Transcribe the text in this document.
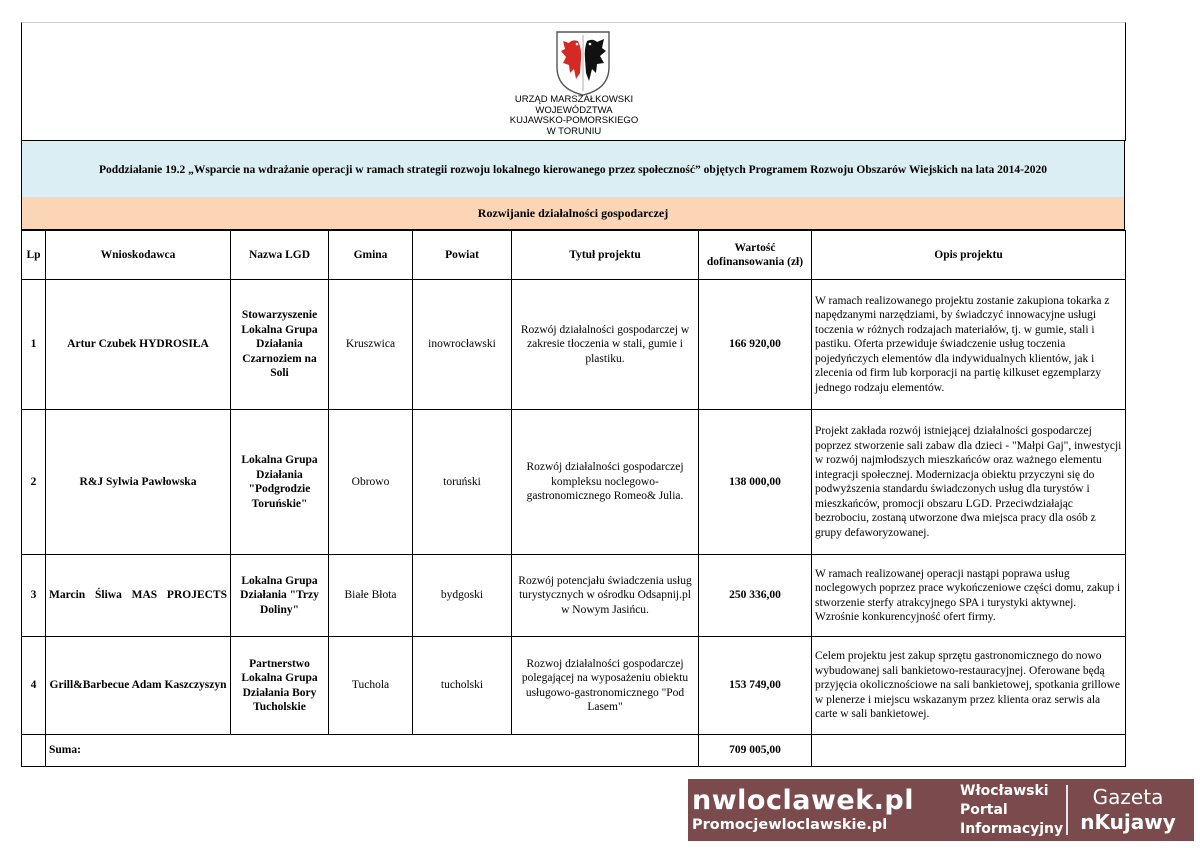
URZĄD MARSZAŁKOWSKI
WOJEWÓDZTWA
KUJAWSKO-POMORSKIEGO
W TORUNIU
Poddziałanie 19.2 „Wsparcie na wdrażanie operacji w ramach strategii rozwoju lokalnego kierowanego przez społeczność” objętych Programem Rozwoju Obszarów Wiejskich na lata 2014-2020
Rozwijanie działalności gospodarczej
Lp	Wnioskodawca	Nazwa LGD	Gmina	Powiat	Tytuł projektu	Wartość dofinansowania (zł)	Opis projektu
1	Artur Czubek HYDROSIŁA	Stowarzyszenie Lokalna Grupa Działania Czarnoziem na Soli	Kruszwica	inowrocławski	Rozwój działalności gospodarczej w zakresie tłoczenia w stali, gumie i plastiku.	166 920,00	W ramach realizowanego projektu zostanie zakupiona tokarka z napędzanymi narzędziami, by świadczyć innowacyjne usługi toczenia w różnych rodzajach materiałów, tj. w gumie, stali i pastiku. Oferta przewiduje świadczenie usług toczenia pojedyńczych elementów dla indywidualnych klientów, jak i zlecenia od firm lub korporacji na partię kilkuset egzemplarzy jednego rodzaju elementów.
2	R&J Sylwia Pawłowska	Lokalna Grupa Działania "Podgrodzie Toruńskie"	Obrowo	toruński	Rozwój działalności gospodarczej kompleksu noclegowo-gastronomicznego Romeo& Julia.	138 000,00	Projekt zakłada rozwój istniejącej działalności gospodarczej poprzez stworzenie sali zabaw dla dzieci - "Małpi Gaj", inwestycji w rozwój najmłodszych mieszkańców oraz ważnego elementu integracji społecznej. Modernizacja obiektu przyczyni się do podwyższenia standardu świadczonych usług dla turystów i mieszkańców, promocji obszaru LGD. Przeciwdziałając bezrobociu, zostaną utworzone dwa miejsca pracy dla osób z grupy defaworyzowanej.
3	Marcin Śliwa MAS PROJECTS	Lokalna Grupa Działania "Trzy Doliny"	Białe Błota	bydgoski	Rozwój potencjału świadczenia usług turystycznych w ośrodku Odsapnij.pl w Nowym Jasińcu.	250 336,00	W ramach realizowanej operacji nastąpi poprawa usług noclegowych poprzez prace wykończeniowe części domu, zakup i stworzenie sterfy atrakcyjnego SPA i turystyki aktywnej. Wzrośnie konkurencyjność ofert firmy.
4	Grill&Barbecue Adam Kaszczyszyn	Partnerstwo Lokalna Grupa Działania Bory Tucholskie	Tuchola	tucholski	Rozwoj działalności gospodarczej polegającej na wyposażeniu obiektu usługowo-gastronomicznego "Pod Lasem"	153 749,00	Celem projektu jest zakup sprzętu gastronomicznego do nowo wybudowanej sali bankietowo-restauracyjnej. Oferowane będą przyjęcia okolicznościowe na sali bankietowej, spotkania grillowe w plenerze i miejscu wskazanym przez klienta oraz serwis ala carte w sali bankietowej.
	Suma:					709 005,00	
nwloclawek.pl
Promocjewloclawskie.pl
Włocławski
Portal
Informacyjny
Gazeta
nKujawy
